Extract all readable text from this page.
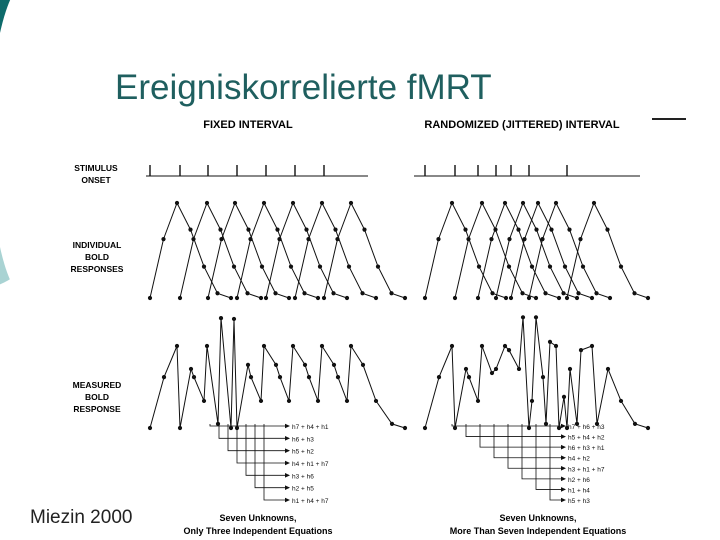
Ereigniskorrelierte fMRT
Miezin 2000
FIXED INTERVAL	RANDOMIZED (JITTERED) INTERVAL
STIMULUS
ONSET
INDIVIDUAL
BOLD
RESPONSES
MEASURED
BOLD
RESPONSE
Seven Unknowns,
Only Three Independent Equations
Seven Unknowns,
More Than Seven Independent Equations
h7 + h4 + h1
h6 + h3
h5 + h2
h4 + h1 + h7
h3 + h6
h2 + h5
h1 + h4 + h7
h7 + h6 + h3
h5 + h4 + h2
h6 + h3 + h1
h4 + h2
h3 + h1 + h7
h2 + h6
h1 + h4
h5 + h3
